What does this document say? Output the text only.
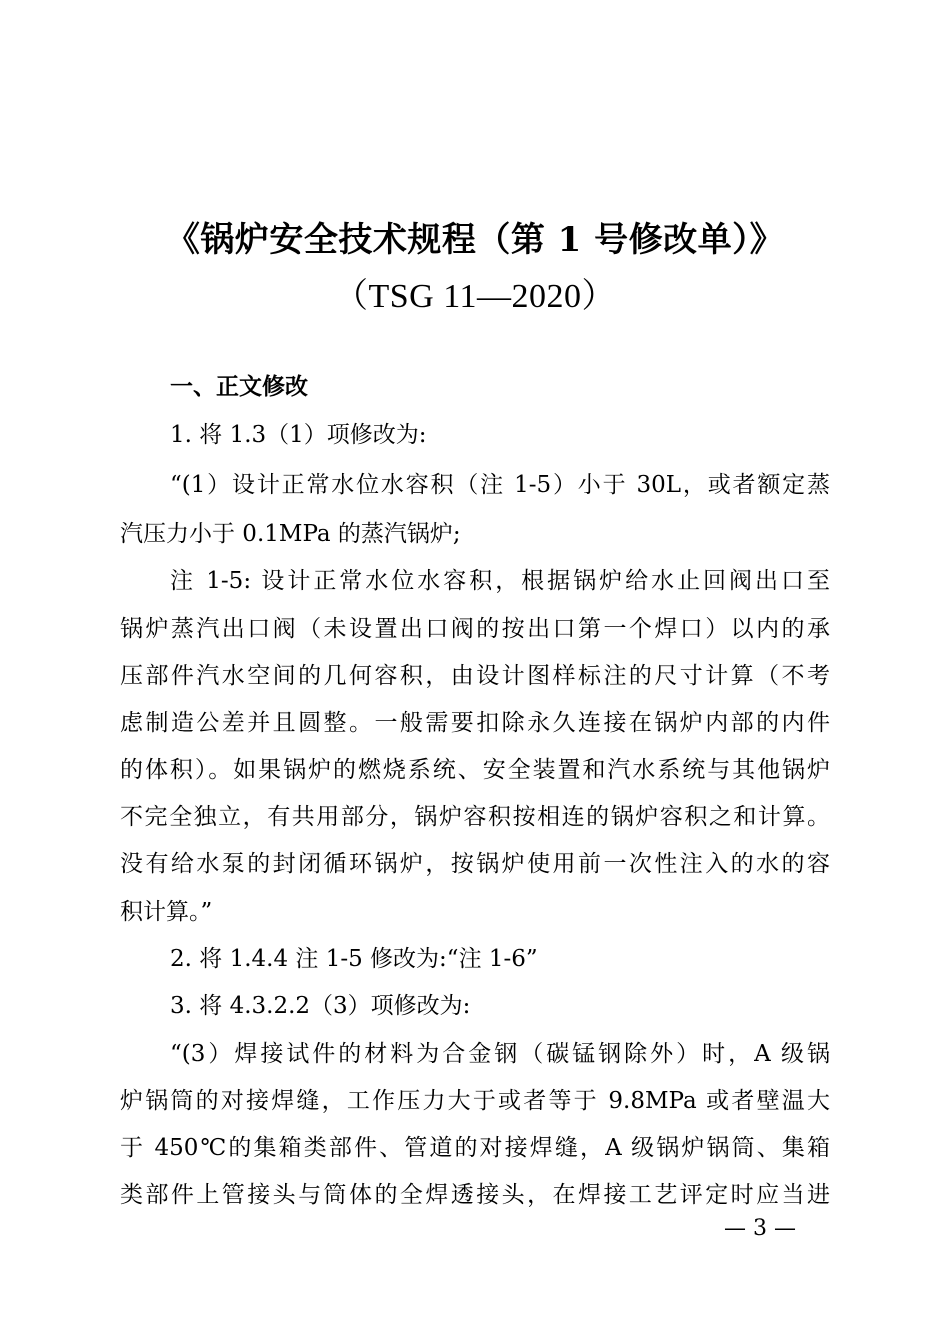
《锅炉安全技术规程（第 1 号修改单）》
（TSG 11—2020）
一、正文修改
1. 将 1.3（1）项修改为:
“(1）设计正常水位水容积（注 1-5）小于 30L，或者额定蒸
汽压力小于 0.1MPa 的蒸汽锅炉;
注 1-5: 设计正常水位水容积，根据锅炉给水止回阀出口至
锅炉蒸汽出口阀（未设置出口阀的按出口第一个焊口）以内的承
压部件汽水空间的几何容积，由设计图样标注的尺寸计算（不考
虑制造公差并且圆整。一般需要扣除永久连接在锅炉内部的内件
的体积）。如果锅炉的燃烧系统、安全装置和汽水系统与其他锅炉
不完全独立，有共用部分，锅炉容积按相连的锅炉容积之和计算。
没有给水泵的封闭循环锅炉，按锅炉使用前一次性注入的水的容
积计算。”
2. 将 1.4.4 注 1-5 修改为:“注 1-6”
3. 将 4.3.2.2（3）项修改为:
“(3）焊接试件的材料为合金钢（碳锰钢除外）时，A 级锅
炉锅筒的对接焊缝，工作压力大于或者等于 9.8MPa 或者壁温大
于 450℃的集箱类部件、管道的对接焊缝，A 级锅炉锅筒、集箱
类部件上管接头与筒体的全焊透接头，在焊接工艺评定时应当进
— 3 —
